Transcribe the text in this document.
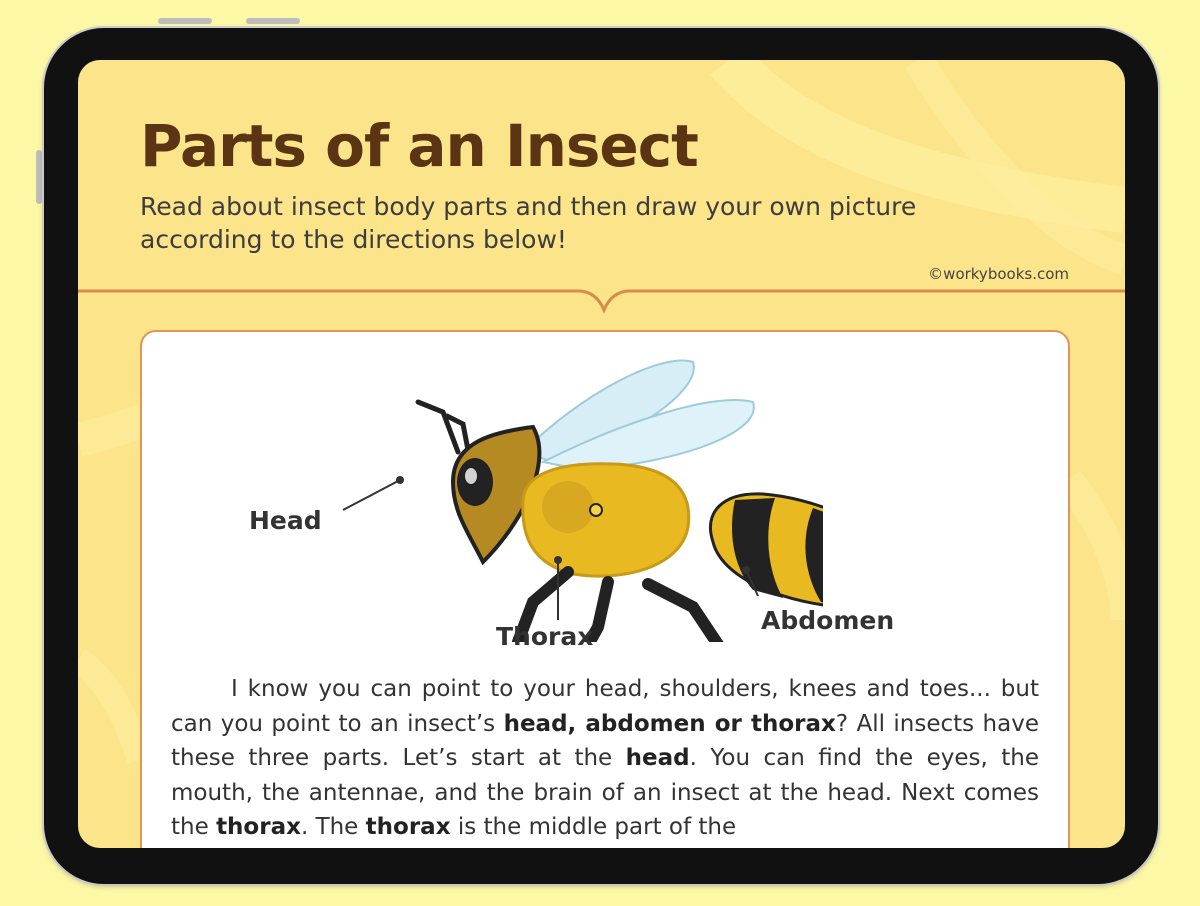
Parts of an Insect

Read about insect body parts and then draw your own picture according to the directions below!

©workybooks.com
Head
Thorax
Abdomen

I know you can point to your head, shoulders, knees and toes... but can you point to an insect’s head, abdomen or thorax? All insects have these three parts. Let’s start at the head. You can find the eyes, the mouth, the antennae, and the brain of an insect at the head. Next comes the thorax. The thorax is the middle part of the
